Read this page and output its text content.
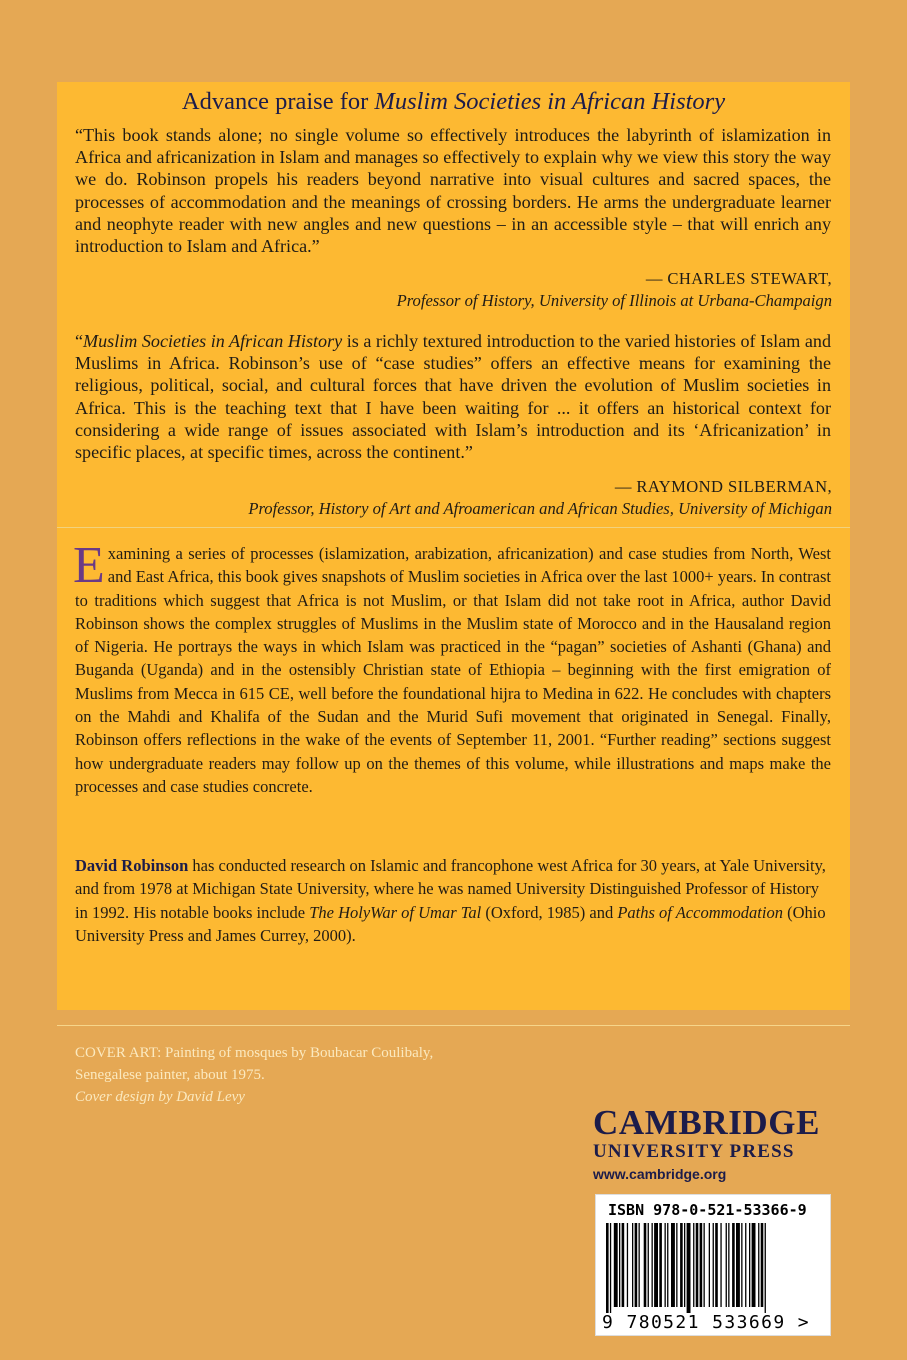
Advance praise for Muslim Societies in African History
“This book stands alone; no single volume so effectively introduces the labyrinth of islamization in Africa and africanization in Islam and manages so effectively to explain why we view this story the way we do. Robinson propels his readers beyond narrative into visual cultures and sacred spaces, the processes of accommodation and the meanings of crossing borders. He arms the undergraduate learner and neophyte reader with new angles and new questions – in an accessible style – that will enrich any introduction to Islam and Africa.”
— CHARLES STEWART,
Professor of History, University of Illinois at Urbana-Champaign
“Muslim Societies in African History is a richly textured introduction to the varied histories of Islam and Muslims in Africa. Robinson’s use of “case studies” offers an effective means for examining the religious, political, social, and cultural forces that have driven the evolution of Muslim societies in Africa. This is the teaching text that I have been waiting for ... it offers an historical context for considering a wide range of issues associated with Islam’s introduction and its ‘Africanization’ in specific places, at specific times, across the continent.”
— RAYMOND SILBERMAN,
Professor, History of Art and Afroamerican and African Studies, University of Michigan
Examining a series of processes (islamization, arabization, africanization) and case studies from North, West and East Africa, this book gives snapshots of Muslim societies in Africa over the last 1000+ years. In contrast to traditions which suggest that Africa is not Muslim, or that Islam did not take root in Africa, author David Robinson shows the complex struggles of Muslims in the Muslim state of Morocco and in the Hausaland region of Nigeria. He portrays the ways in which Islam was practiced in the “pagan” societies of Ashanti (Ghana) and Buganda (Uganda) and in the ostensibly Christian state of Ethiopia – beginning with the first emigration of Muslims from Mecca in 615 CE, well before the foundational hijra to Medina in 622. He concludes with chapters on the Mahdi and Khalifa of the Sudan and the Murid Sufi movement that originated in Senegal. Finally, Robinson offers reflections in the wake of the events of September 11, 2001. “Further reading” sections suggest how undergraduate readers may follow up on the themes of this volume, while illustrations and maps make the processes and case studies concrete.
David Robinson has conducted research on Islamic and francophone west Africa for 30 years, at Yale University, and from 1978 at Michigan State University, where he was named University Distinguished Professor of History in 1992. His notable books include The HolyWar of Umar Tal (Oxford, 1985) and Paths of Accommodation (Ohio University Press and James Currey, 2000).
COVER ART: Painting of mosques by Boubacar Coulibaly,
Senegalese painter, about 1975.
Cover design by David Levy
CAMBRIDGE
UNIVERSITY PRESS
www.cambridge.org
ISBN 978-0-521-53366-9
9 780521 533669 >
